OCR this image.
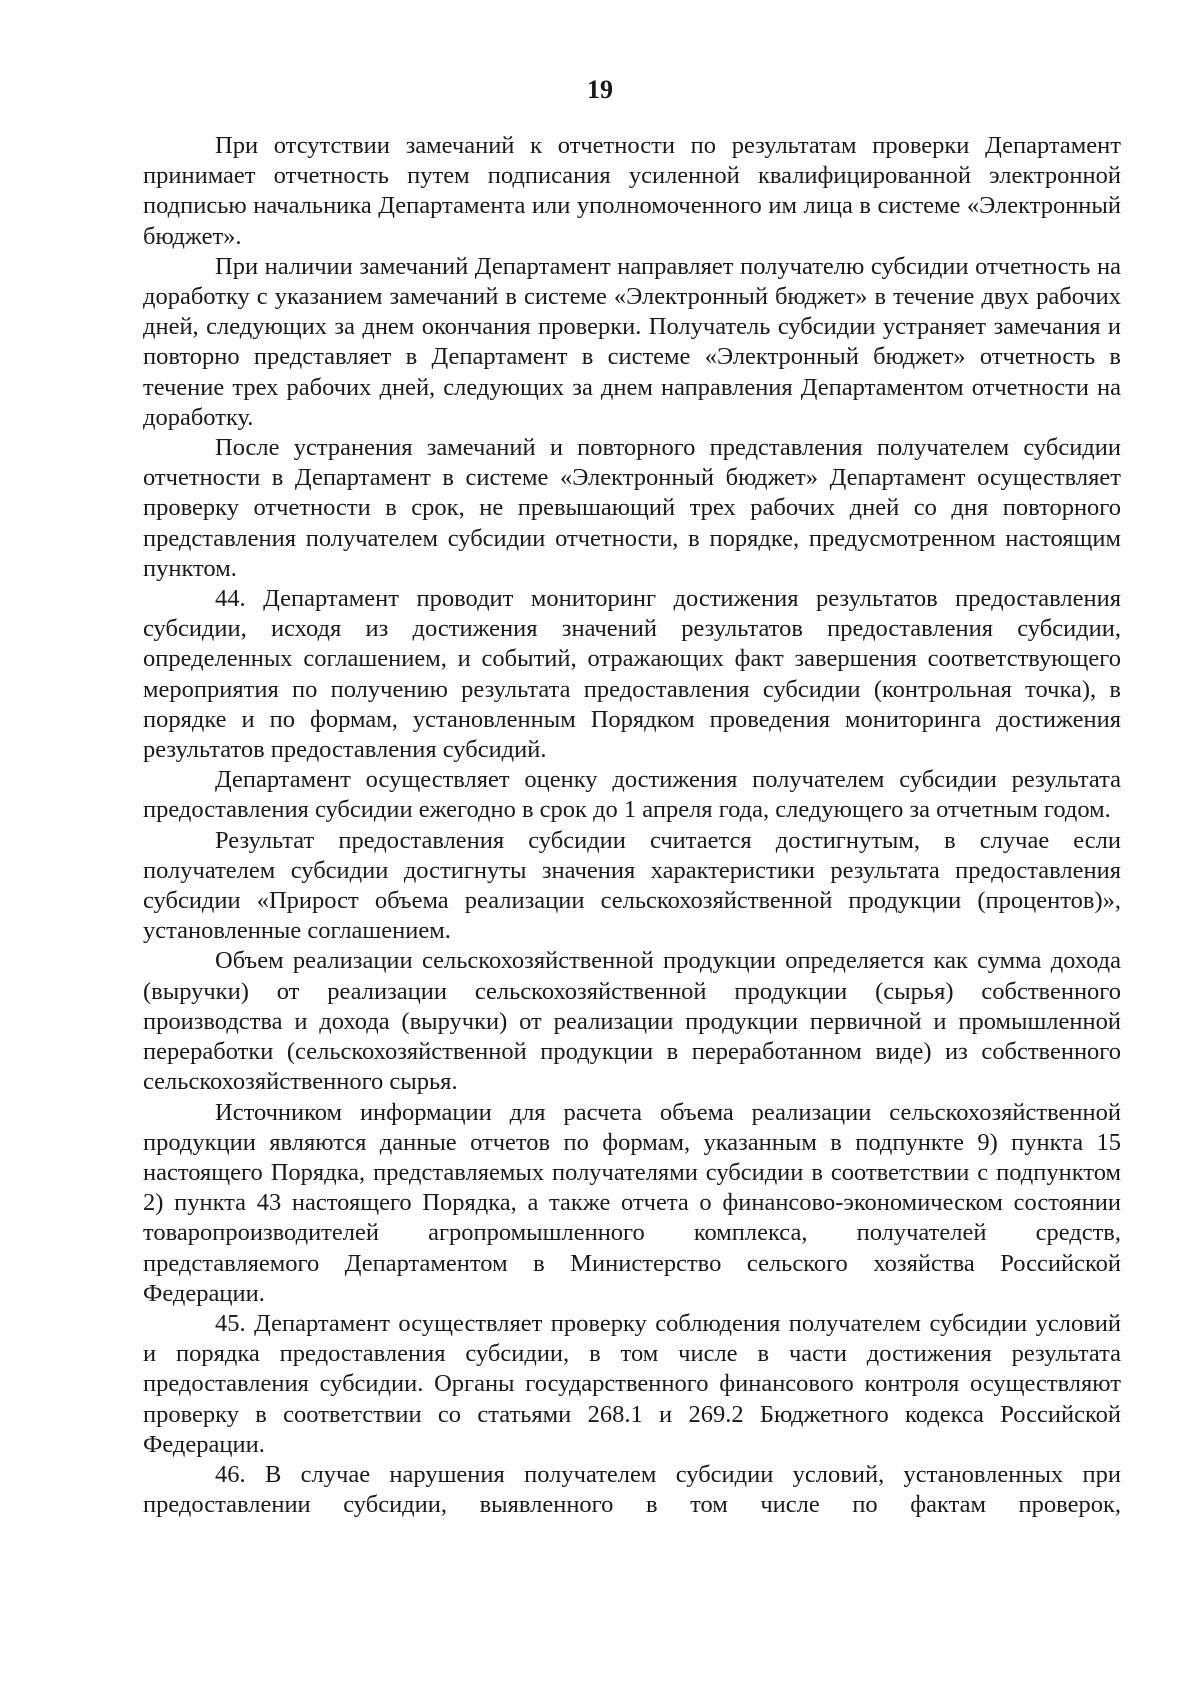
19

При отсутствии замечаний к отчетности по результатам проверки Департамент принимает отчетность путем подписания усиленной квалифицированной электронной подписью начальника Департамента или уполномоченного им лица в системе «Электронный бюджет».

При наличии замечаний Департамент направляет получателю субсидии отчетность на доработку с указанием замечаний в системе «Электронный бюджет» в течение двух рабочих дней, следующих за днем окончания проверки. Получатель субсидии устраняет замечания и повторно представляет в Департамент в системе «Электронный бюджет» отчетность в течение трех рабочих дней, следующих за днем направления Департаментом отчетности на доработку.

После устранения замечаний и повторного представления получателем субсидии отчетности в Департамент в системе «Электронный бюджет» Департамент осуществляет проверку отчетности в срок, не превышающий трех рабочих дней со дня повторного представления получателем субсидии отчетности, в порядке, предусмотренном настоящим пунктом.

44. Департамент проводит мониторинг достижения результатов предоставления субсидии, исходя из достижения значений результатов предоставления субсидии, определенных соглашением, и событий, отражающих факт завершения соответствующего мероприятия по получению результата предоставления субсидии (контрольная точка), в порядке и по формам, установленным Порядком проведения мониторинга достижения результатов предоставления субсидий.

Департамент осуществляет оценку достижения получателем субсидии результата предоставления субсидии ежегодно в срок до 1 апреля года, следующего за отчетным годом.

Результат предоставления субсидии считается достигнутым, в случае если получателем субсидии достигнуты значения характеристики результата предоставления субсидии «Прирост объема реализации сельскохозяйственной продукции (процентов)», установленные соглашением.

Объем реализации сельскохозяйственной продукции определяется как сумма дохода (выручки) от реализации сельскохозяйственной продукции (сырья) собственного производства и дохода (выручки) от реализации продукции первичной и промышленной переработки (сельскохозяйственной продукции в переработанном виде) из собственного сельскохозяйственного сырья.

Источником информации для расчета объема реализации сельскохозяйственной продукции являются данные отчетов по формам, указанным в подпункте 9) пункта 15 настоящего Порядка, представляемых получателями субсидии в соответствии с подпунктом 2) пункта 43 настоящего Порядка, а также отчета о финансово-экономическом состоянии товаропроизводителей агропромышленного комплекса, получателей средств, представляемого Департаментом в Министерство сельского хозяйства Российской Федерации.

45. Департамент осуществляет проверку соблюдения получателем субсидии условий и порядка предоставления субсидии, в том числе в части достижения результата предоставления субсидии. Органы государственного финансового контроля осуществляют проверку в соответствии со статьями 268.1 и 269.2 Бюджетного кодекса Российской Федерации.

46. В случае нарушения получателем субсидии условий, установленных при предоставлении субсидии, выявленного в том числе по фактам проверок,
